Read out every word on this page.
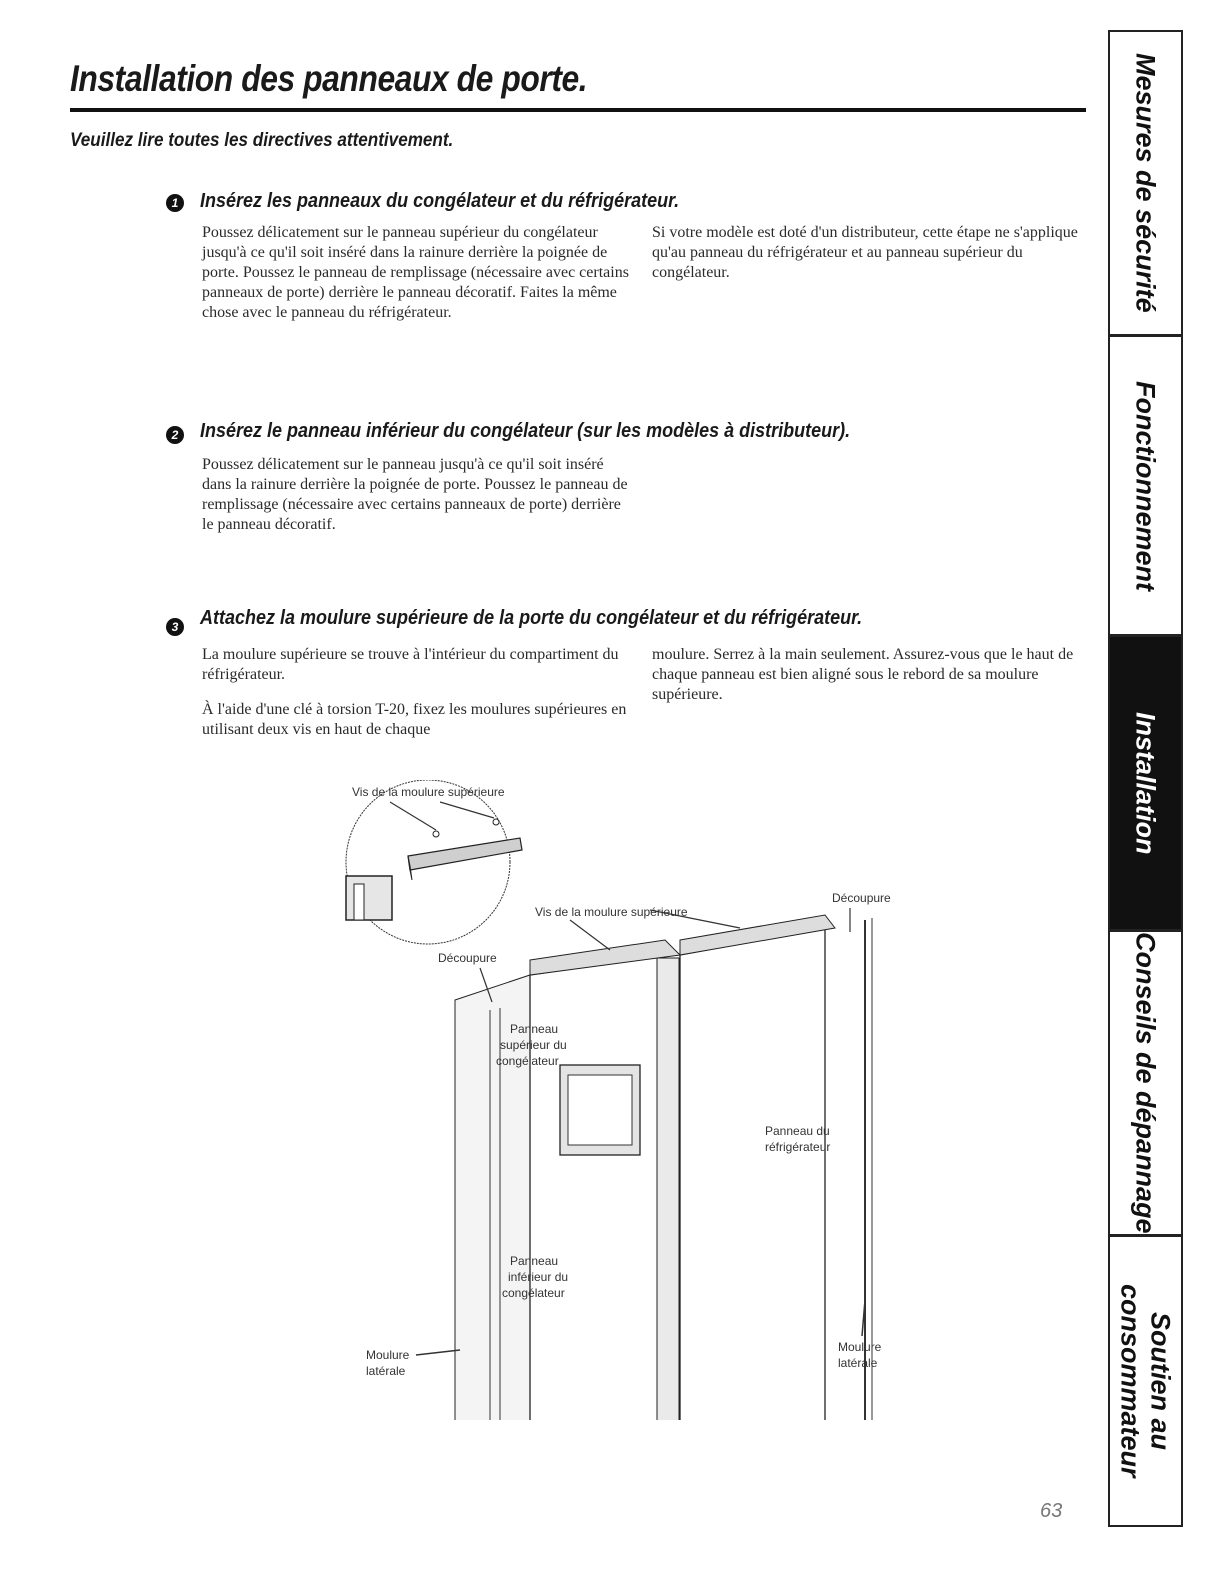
Installation des panneaux de porte.
Veuillez lire toutes les directives attentivement.
1 Insérez les panneaux du congélateur et du réfrigérateur.

Poussez délicatement sur le panneau supérieur du congélateur jusqu'à ce qu'il soit inséré dans la rainure derrière la poignée de porte. Poussez le panneau de remplissage (nécessaire avec certains panneaux de porte) derrière le panneau décoratif. Faites la même chose avec le panneau du réfrigérateur.

Si votre modèle est doté d'un distributeur, cette étape ne s'applique qu'au panneau du réfrigérateur et au panneau supérieur du congélateur.

2 Insérez le panneau inférieur du congélateur (sur les modèles à distributeur).

Poussez délicatement sur le panneau jusqu'à ce qu'il soit inséré dans la rainure derrière la poignée de porte. Poussez le panneau de remplissage (nécessaire avec certains panneaux de porte) derrière le panneau décoratif.

3 Attachez la moulure supérieure de la porte du congélateur et du réfrigérateur.

La moulure supérieure se trouve à l'intérieur du compartiment du réfrigérateur.

À l'aide d'une clé à torsion T-20, fixez les moulures supérieures en utilisant deux vis en haut de chaque

moulure. Serrez à la main seulement. Assurez-vous que le haut de chaque panneau est bien aligné sous le rebord de sa moulure supérieure.

Vis de la moulure supérieure
Vis de la moulure supérieure
Découpure
Découpure
Panneau
supérieur du
congélateur
Panneau du
réfrigérateur
Panneau
inférieur du
congélateur
Moulure
latérale
Moulure
latérale
Mesures de sécurité
Fonctionnement
Installation
Conseils de dépannage
Soutien au consommateur
63
